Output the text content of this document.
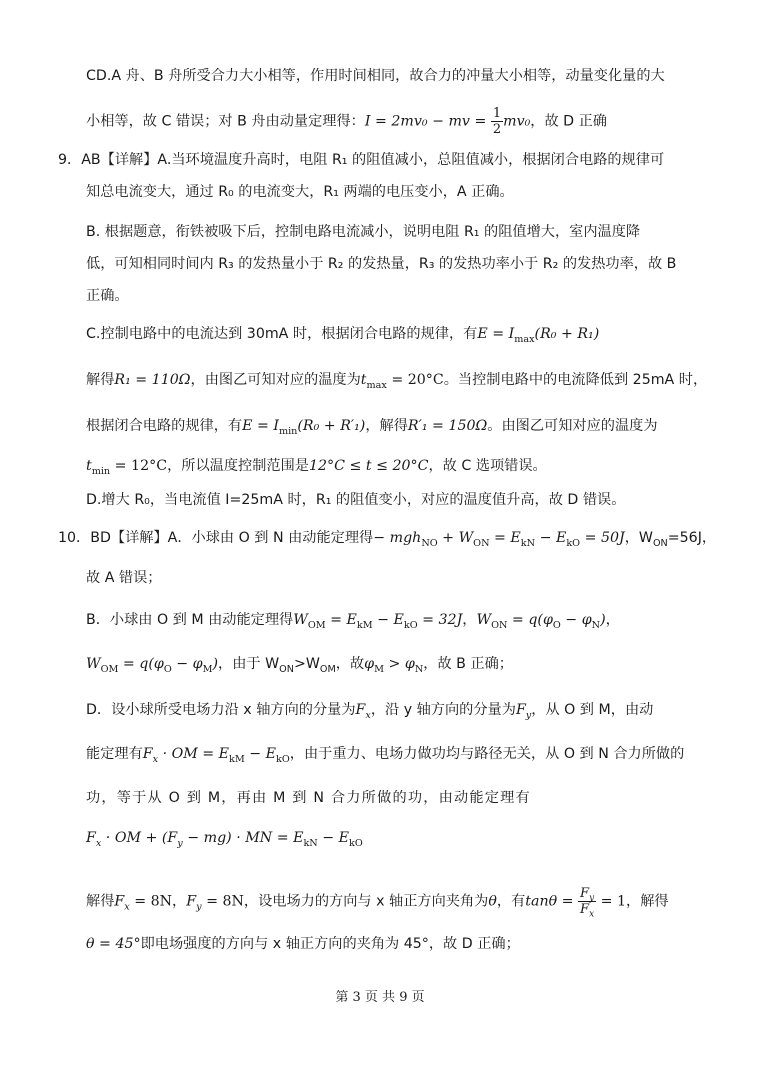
CD.A 舟、B 舟所受合力大小相等，作用时间相同，故合力的冲量大小相等，动量变化量的大
小相等，故 C 错误；对 B 舟由动量定理得：I = 2mv₀ − mv = $\frac{1}{2} mv_0$，故 D 正确
9．AB【详解】A.当环境温度升高时，电阻 R₁ 的阻值减小，总阻值减小，根据闭合电路的规律可
知总电流变大，通过 R₀ 的电流变大，R₁ 两端的电压变小，A 正确。
B. 根据题意，衔铁被吸下后，控制电路电流减小，说明电阻 R₁ 的阻值增大，室内温度降
低，可知相同时间内 R₃ 的发热量小于 R₂ 的发热量，R₃ 的发热功率小于 R₂ 的发热功率，故 B
正确。
C.控制电路中的电流达到 30mA 时，根据闭合电路的规律，有$E = I_{max}(R_0 + R_1)$
解得R₁ = 110Ω，由图乙可知对应的温度为$t_{max} = 20^\circ C$。当控制电路中的电流降低到 25mA 时，
根据闭合电路的规律，有$E = I_{min}(R_0 + R'_1)$，解得R′₁ = 150Ω。由图乙可知对应的温度为
$t_{min} = 12^\circ C$，所以温度控制范围是12°C ≤ t ≤ 20°C，故 C 选项错误。
D.增大 R₀，当电流值 I=25mA 时，R₁ 的阻值变小，对应的温度值升高，故 D 错误。
10．BD【详解】A．小球由 O 到 N 由动能定理得− $mgh_{NO} + W_{ON} = E_{kN} - E_{kO} = 50J$，$W_{ON}=56J$，
故 A 错误；
B．小球由 O 到 M 由动能定理得$W_{OM} = E_{kM} - E_{kO} = 32J$，$W_{ON} = q(\varphi_O - \varphi_N)$，
$W_{OM} = q(\varphi_O - \varphi_M)$，由于 $W_{ON}>W_{OM}$，故$\varphi_M > \varphi_N$，故 B 正确；
D．设小球所受电场力沿 x 轴方向的分量为$F_x$，沿 y 轴方向的分量为$F_y$，从 O 到 M，由动
能定理有$F_x$ · OM = $E_{kM} - E_{kO}$，由于重力、电场力做功均与路径无关，从 O 到 N 合力所做的
功，等于从 O 到 M，再由 M 到 N 合力所做的功，由动能定理有
$F_x$ · OM + $(F_y - mg)$ · MN = $E_{kN} - E_{kO}$
解得$F_x = 8N$，$F_y = 8N$，设电场力的方向与 x 轴正方向夹角为θ，有$\tan\theta = \frac{F_y}{F_x} = 1$，解得
θ = 45°即电场强度的方向与 x 轴正方向的夹角为 45°，故 D 正确；
第 3 页 共 9 页
